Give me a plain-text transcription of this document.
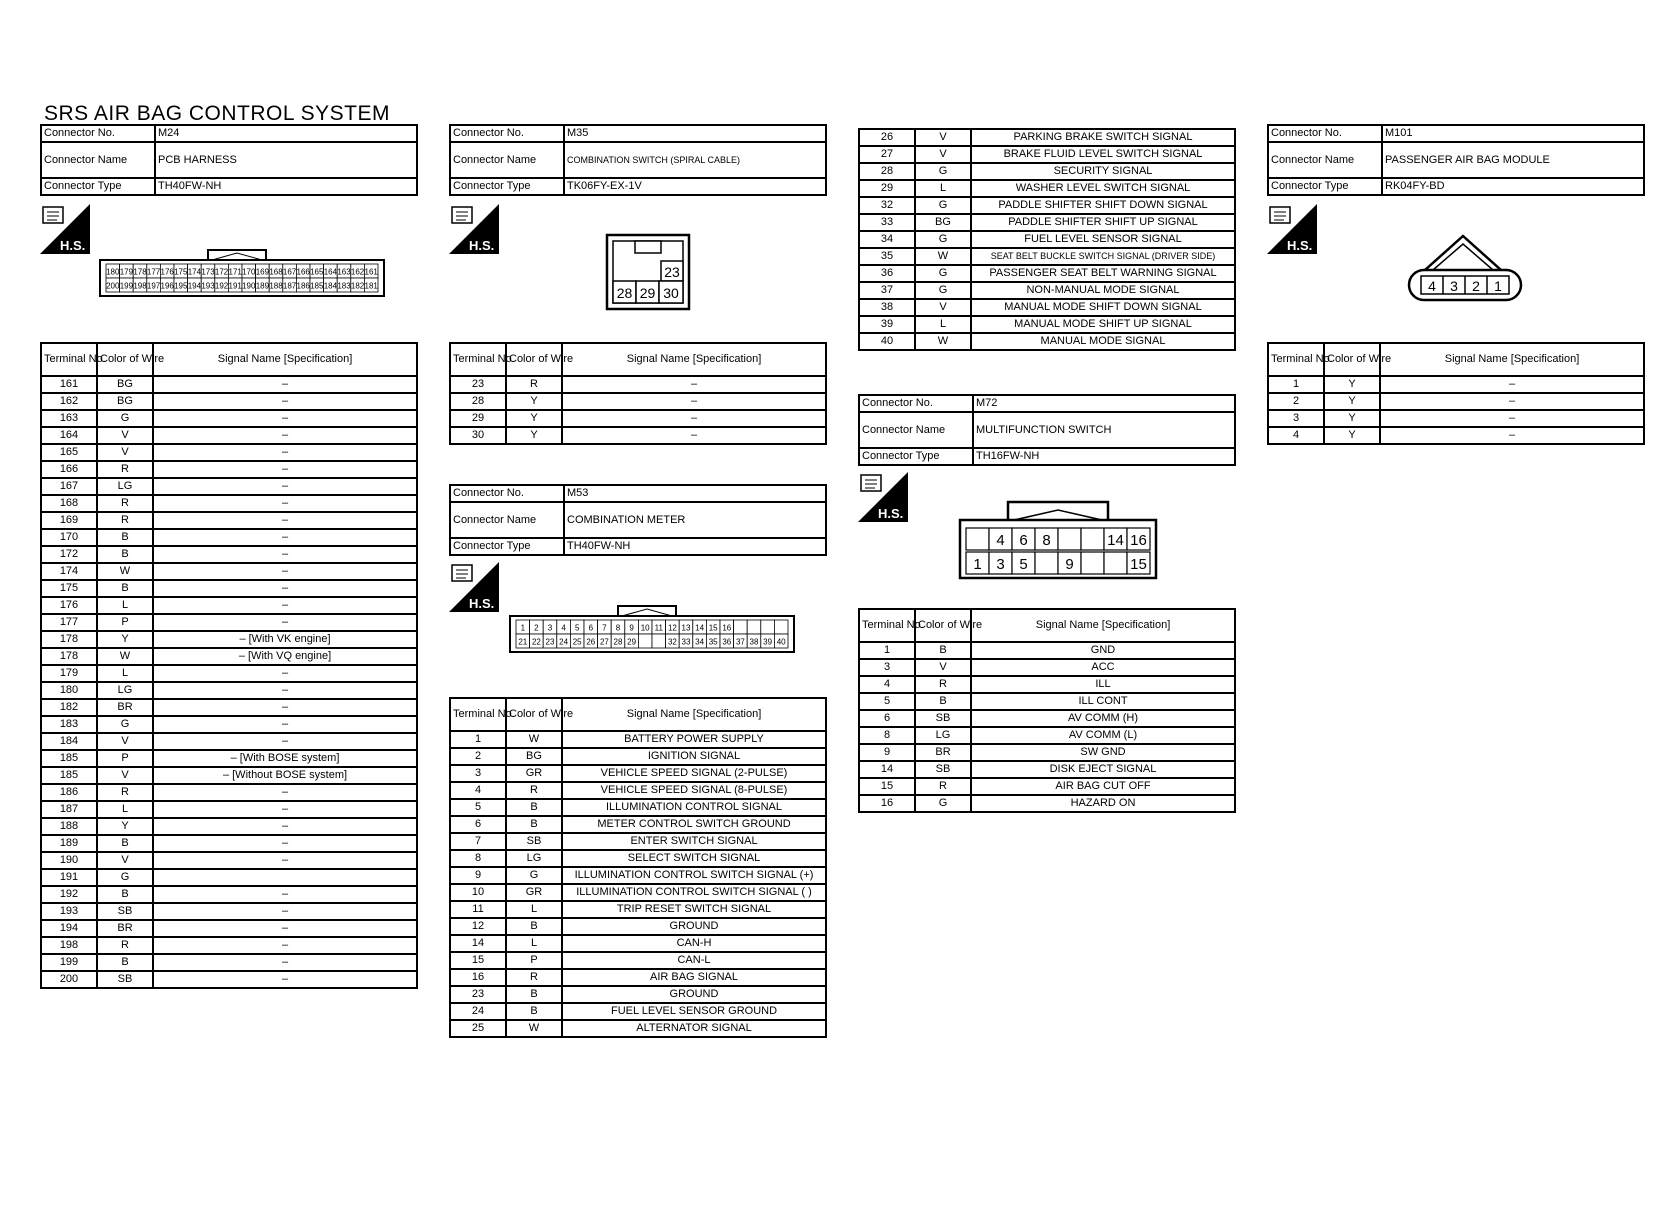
SRS AIR BAG CONTROL SYSTEM
Connector No.	M24
Connector Name	PCB HARNESS
Connector Type	TH40FW-NH
H.S.
180 179 178 177 176 175 174 173 172 171 170 169 168 167 166 165 164 163 162 161
200 199 198 197 196 195 194 193 192 191 190 189 188 187 186 185 184 183 182 181
Terminal No.	Color of Wire	Signal Name [Specification]
161	BG	–
162	BG	–
163	G	–
164	V	–
165	V	–
166	R	–
167	LG	–
168	R	–
169	R	–
170	B	–
172	B	–
174	W	–
175	B	–
176	L	–
177	P	–
178	Y	– [With VK engine]
178	W	– [With VQ engine]
179	L	–
180	LG	–
182	BR	–
183	G	–
184	V	–
185	P	– [With BOSE system]
185	V	– [Without BOSE system]
186	R	–
187	L	–
188	Y	–
189	B	–
190	V	–
191	G	
192	B	–
193	SB	–
194	BR	–
198	R	–
199	B	–
200	SB	–
Connector No.	M35
Connector Name	COMBINATION SWITCH (SPIRAL CABLE)
Connector Type	TK06FY-EX-1V
H.S.
23
28 29 30
Terminal No.	Color of Wire	Signal Name [Specification]
23	R	–
28	Y	–
29	Y	–
30	Y	–
Connector No.	M53
Connector Name	COMBINATION METER
Connector Type	TH40FW-NH
H.S.
1 2 3 4 5 6 7 8 9 10 11 12 13 14 15 16
21 22 23 24 25 26 27 28 29	32 33 34 35 36 37 38 39 40
Terminal No.	Color of Wire	Signal Name [Specification]
1	W	BATTERY POWER SUPPLY
2	BG	IGNITION SIGNAL
3	GR	VEHICLE SPEED SIGNAL (2-PULSE)
4	R	VEHICLE SPEED SIGNAL (8-PULSE)
5	B	ILLUMINATION CONTROL SIGNAL
6	B	METER CONTROL SWITCH GROUND
7	SB	ENTER SWITCH SIGNAL
8	LG	SELECT SWITCH SIGNAL
9	G	ILLUMINATION CONTROL SWITCH SIGNAL (+)
10	GR	ILLUMINATION CONTROL SWITCH SIGNAL ( )
11	L	TRIP RESET SWITCH SIGNAL
12	B	GROUND
14	L	CAN-H
15	P	CAN-L
16	R	AIR BAG SIGNAL
23	B	GROUND
24	B	FUEL LEVEL SENSOR GROUND
25	W	ALTERNATOR SIGNAL
26	V	PARKING BRAKE SWITCH SIGNAL
27	V	BRAKE FLUID LEVEL SWITCH SIGNAL
28	G	SECURITY SIGNAL
29	L	WASHER LEVEL SWITCH SIGNAL
32	G	PADDLE SHIFTER SHIFT DOWN SIGNAL
33	BG	PADDLE SHIFTER SHIFT UP SIGNAL
34	G	FUEL LEVEL SENSOR SIGNAL
35	W	SEAT BELT BUCKLE SWITCH SIGNAL (DRIVER SIDE)
36	G	PASSENGER SEAT BELT WARNING SIGNAL
37	G	NON-MANUAL MODE SIGNAL
38	V	MANUAL MODE SHIFT DOWN SIGNAL
39	L	MANUAL MODE SHIFT UP SIGNAL
40	W	MANUAL MODE SIGNAL
Connector No.	M72
Connector Name	MULTIFUNCTION SWITCH
Connector Type	TH16FW-NH
H.S.
4 6 8	14 16
1 3 5	9	15
Terminal No.	Color of Wire	Signal Name [Specification]
1	B	GND
3	V	ACC
4	R	ILL
5	B	ILL CONT
6	SB	AV COMM (H)
8	LG	AV COMM (L)
9	BR	SW GND
14	SB	DISK EJECT SIGNAL
15	R	AIR BAG CUT OFF
16	G	HAZARD ON
Connector No.	M101
Connector Name	PASSENGER AIR BAG MODULE
Connector Type	RK04FY-BD
H.S.
4 3 2 1
Terminal No.	Color of Wire	Signal Name [Specification]
1	Y	–
2	Y	–
3	Y	–
4	Y	–
